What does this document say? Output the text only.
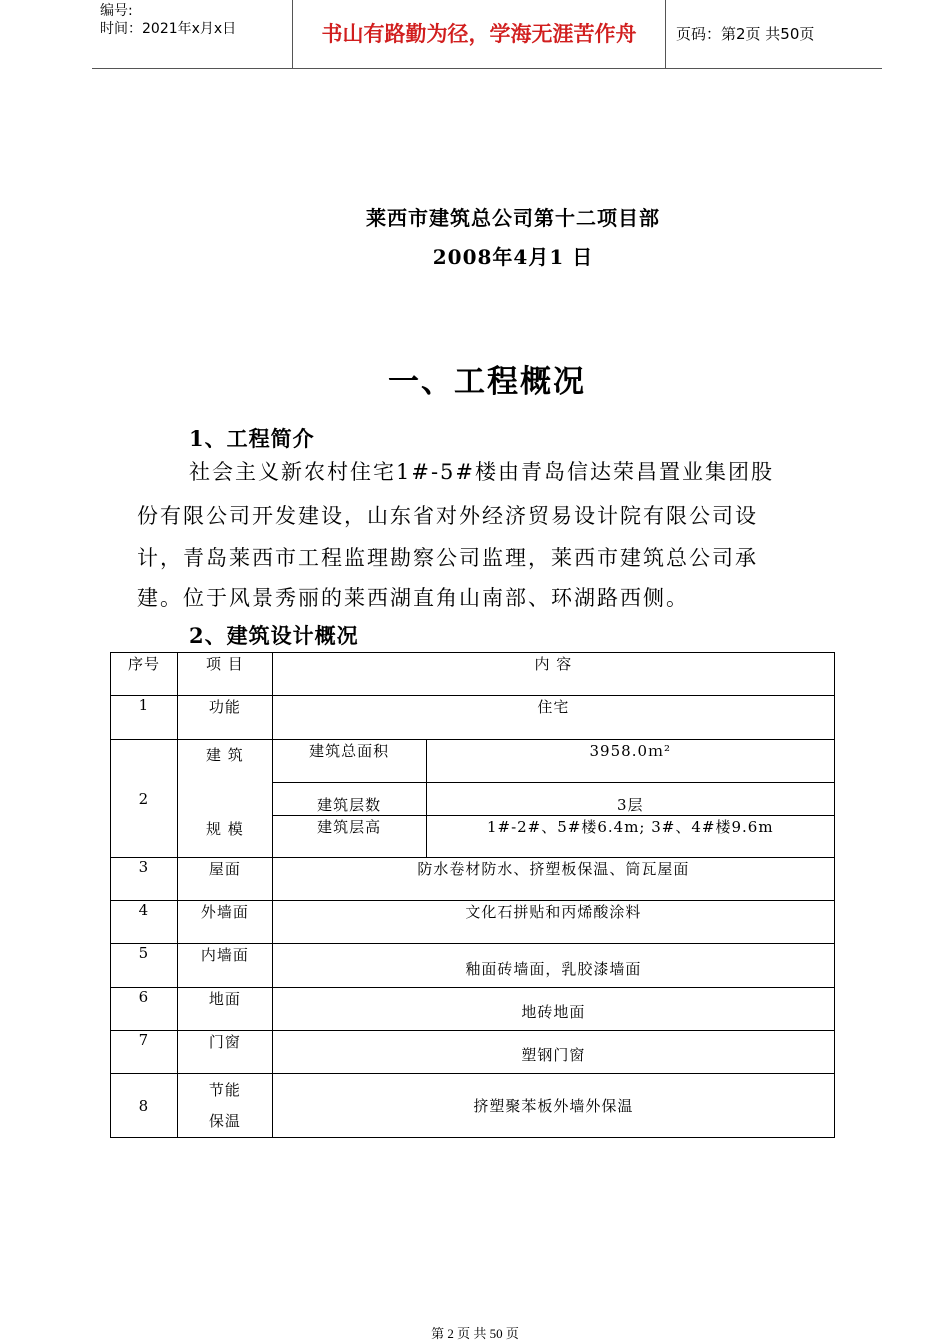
编号:
时间：2021年x月x日	书山有路勤为径，学海无涯苦作舟	页码：第2页 共50页
莱西市建筑总公司第十二项目部
2008年4月1 日
一、工程概况
1、工程简介
社会主义新农村住宅1#-5#楼由青岛信达荣昌置业集团股
份有限公司开发建设，山东省对外经济贸易设计院有限公司设
计，青岛莱西市工程监理勘察公司监理，莱西市建筑总公司承
建。位于风景秀丽的莱西湖直角山南部、环湖路西侧。
2、建筑设计概况
序号	项 目	内 容	
1	功能	住宅	
2	建 筑
规 模	建筑总面积	3958.0ｍ²
		建筑层数	3层
		建筑层高	1#-2#、5#楼6.4m; 3#、4#楼9.6m
3	屋面	防水卷材防水、挤塑板保温、筒瓦屋面	
4	外墙面	文化石拼贴和丙烯酸涂料	
5	内墙面	釉面砖墙面，乳胶漆墙面	
6	地面	地砖地面	
7	门窗	塑钢门窗	
8	节能
保温	挤塑聚苯板外墙外保温	
第 2 页 共 50 页
